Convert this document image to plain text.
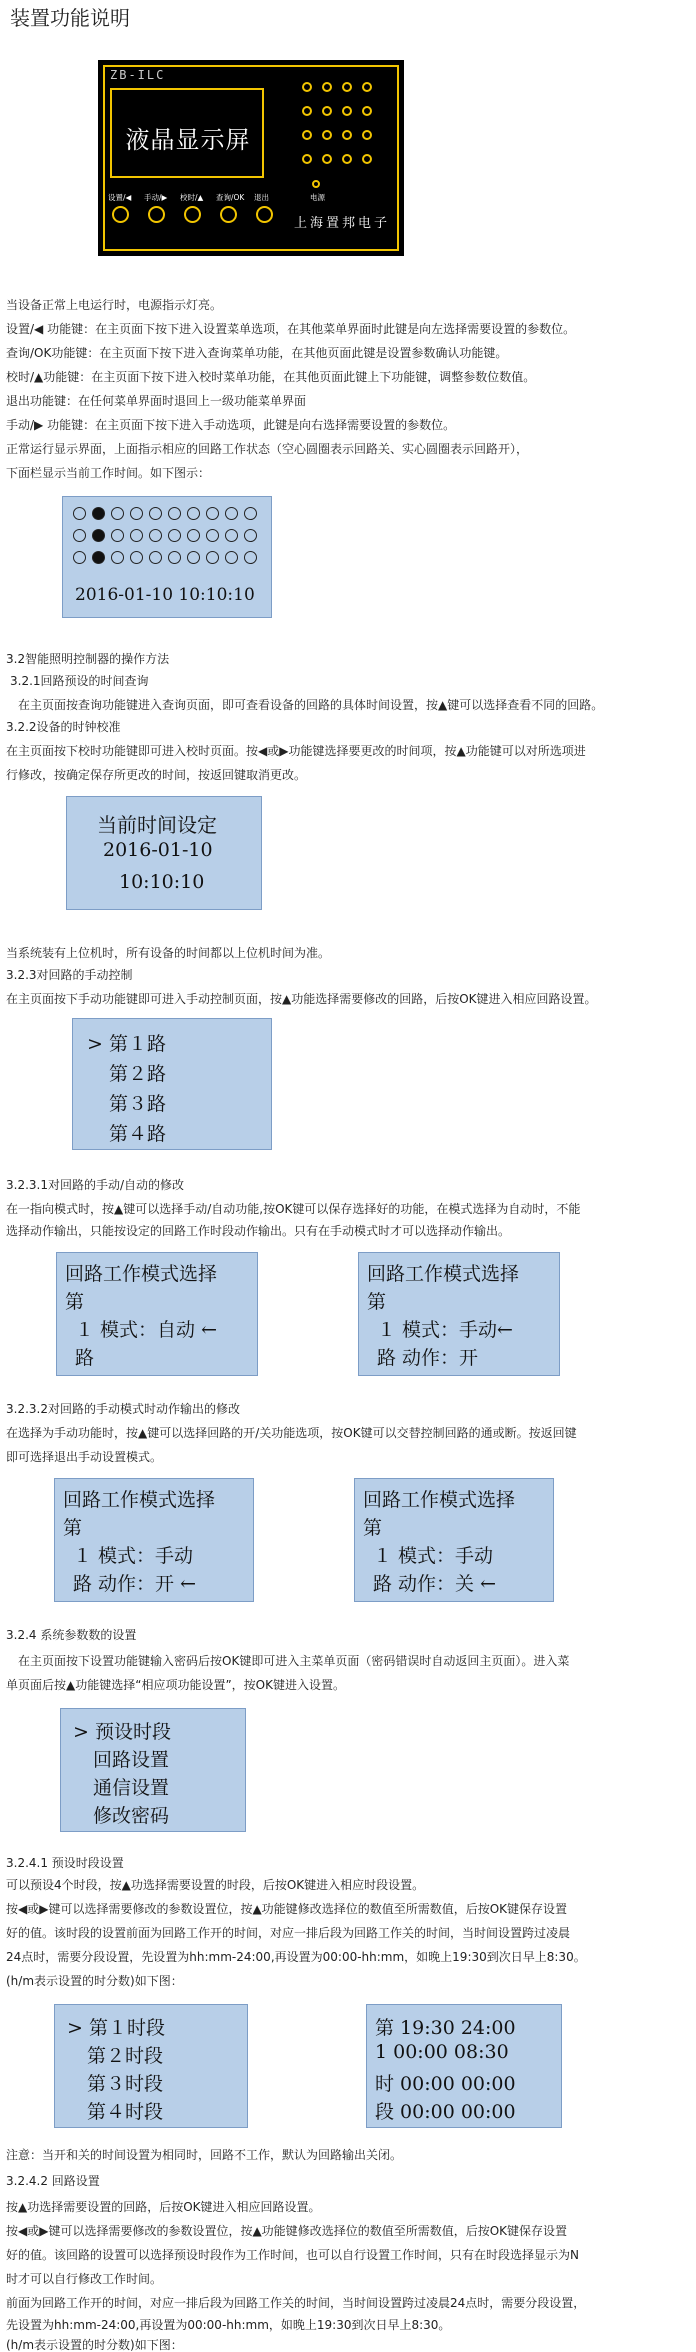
装置功能说明
ZB-ILC
液晶显示屏
电源
设置/◀ 手动/▶ 校时/▲ 查询/OK 退出
上海置邦电子
当设备正常上电运行时，电源指示灯亮。
设置/◀ 功能键：在主页面下按下进入设置菜单选项，在其他菜单界面时此键是向左选择需要设置的参数位。
查询/OK功能键：在主页面下按下进入查询菜单功能，在其他页面此键是设置参数确认功能键。
校时/▲功能键：在主页面下按下进入校时菜单功能，在其他页面此键上下功能键，调整参数位数值。
退出功能键：在任何菜单界面时退回上一级功能菜单界面
手动/▶ 功能键：在主页面下按下进入手动选项，此键是向右选择需要设置的参数位。
正常运行显示界面，上面指示相应的回路工作状态（空心圆圈表示回路关、实心圆圈表示回路开），
下面栏显示当前工作时间。如下图示：
2016-01-10 10:10:10
3.2智能照明控制器的操作方法
3.2.1回路预设的时间查询
在主页面按查询功能键进入查询页面，即可查看设备的回路的具体时间设置，按▲键可以选择查看不同的回路。
3.2.2设备的时钟校准
在主页面按下校时功能键即可进入校时页面。按◀或▶功能键选择要更改的时间项，按▲功能键可以对所选项进
行修改，按确定保存所更改的时间，按返回键取消更改。
当前时间设定
2016-01-10
10:10:10
当系统装有上位机时，所有设备的时间都以上位机时间为准。
3.2.3对回路的手动控制
在主页面按下手动功能键即可进入手动控制页面，按▲功能选择需要修改的回路，后按OK键进入相应回路设置。
> 第１路
第２路
第３路
第４路
3.2.3.1对回路的手动/自动的修改
在一指向模式时，按▲键可以选择手动/自动功能,按OK键可以保存选择好的功能，在模式选择为自动时，不能
选择动作输出，只能按设定的回路工作时段动作输出。只有在手动模式时才可以选择动作输出。
回路工作模式选择
第
１ 模式：自动 ←
路
回路工作模式选择
第
１ 模式：手动←
路 动作：开
3.2.3.2对回路的手动模式时动作输出的修改
在选择为手动功能时，按▲键可以选择回路的开/关功能选项，按OK键可以交替控制回路的通或断。按返回键
即可选择退出手动设置模式。
回路工作模式选择
第
１ 模式：手动
路 动作：开 ←
回路工作模式选择
第
１ 模式：手动
路 动作：关 ←
3.2.4 系统参数数的设置
在主页面按下设置功能键输入密码后按OK键即可进入主菜单页面（密码错误时自动返回主页面）。进入菜
单页面后按▲功能键选择“相应项功能设置”，按OK键进入设置。
> 预设时段
回路设置
通信设置
修改密码
3.2.4.1 预设时段设置
可以预设4个时段，按▲功选择需要设置的时段，后按OK键进入相应时段设置。
按◀或▶键可以选择需要修改的参数设置位，按▲功能键修改选择位的数值至所需数值，后按OK键保存设置
好的值。该时段的设置前面为回路工作开的时间，对应一排后段为回路工作关的时间，当时间设置跨过凌晨
24点时，需要分段设置，先设置为hh:mm-24:00,再设置为00:00-hh:mm，如晚上19:30到次日早上8:30。
(h/m表示设置的时分数)如下图：
> 第１时段
第２时段
第３时段
第４时段
第 19:30 24:00
1 00:00 08:30
时 00:00 00:00
段 00:00 00:00
注意：当开和关的时间设置为相同时，回路不工作，默认为回路输出关闭。
3.2.4.2 回路设置
按▲功选择需要设置的回路，后按OK键进入相应回路设置。
按◀或▶键可以选择需要修改的参数设置位，按▲功能键修改选择位的数值至所需数值，后按OK键保存设置
好的值。该回路的设置可以选择预设时段作为工作时间，也可以自行设置工作时间，只有在时段选择显示为N
时才可以自行修改工作时间。
前面为回路工作开的时间，对应一排后段为回路工作关的时间，当时间设置跨过凌晨24点时，需要分段设置，
先设置为hh:mm-24:00,再设置为00:00-hh:mm，如晚上19:30到次日早上8:30。
(h/m表示设置的时分数)如下图：
